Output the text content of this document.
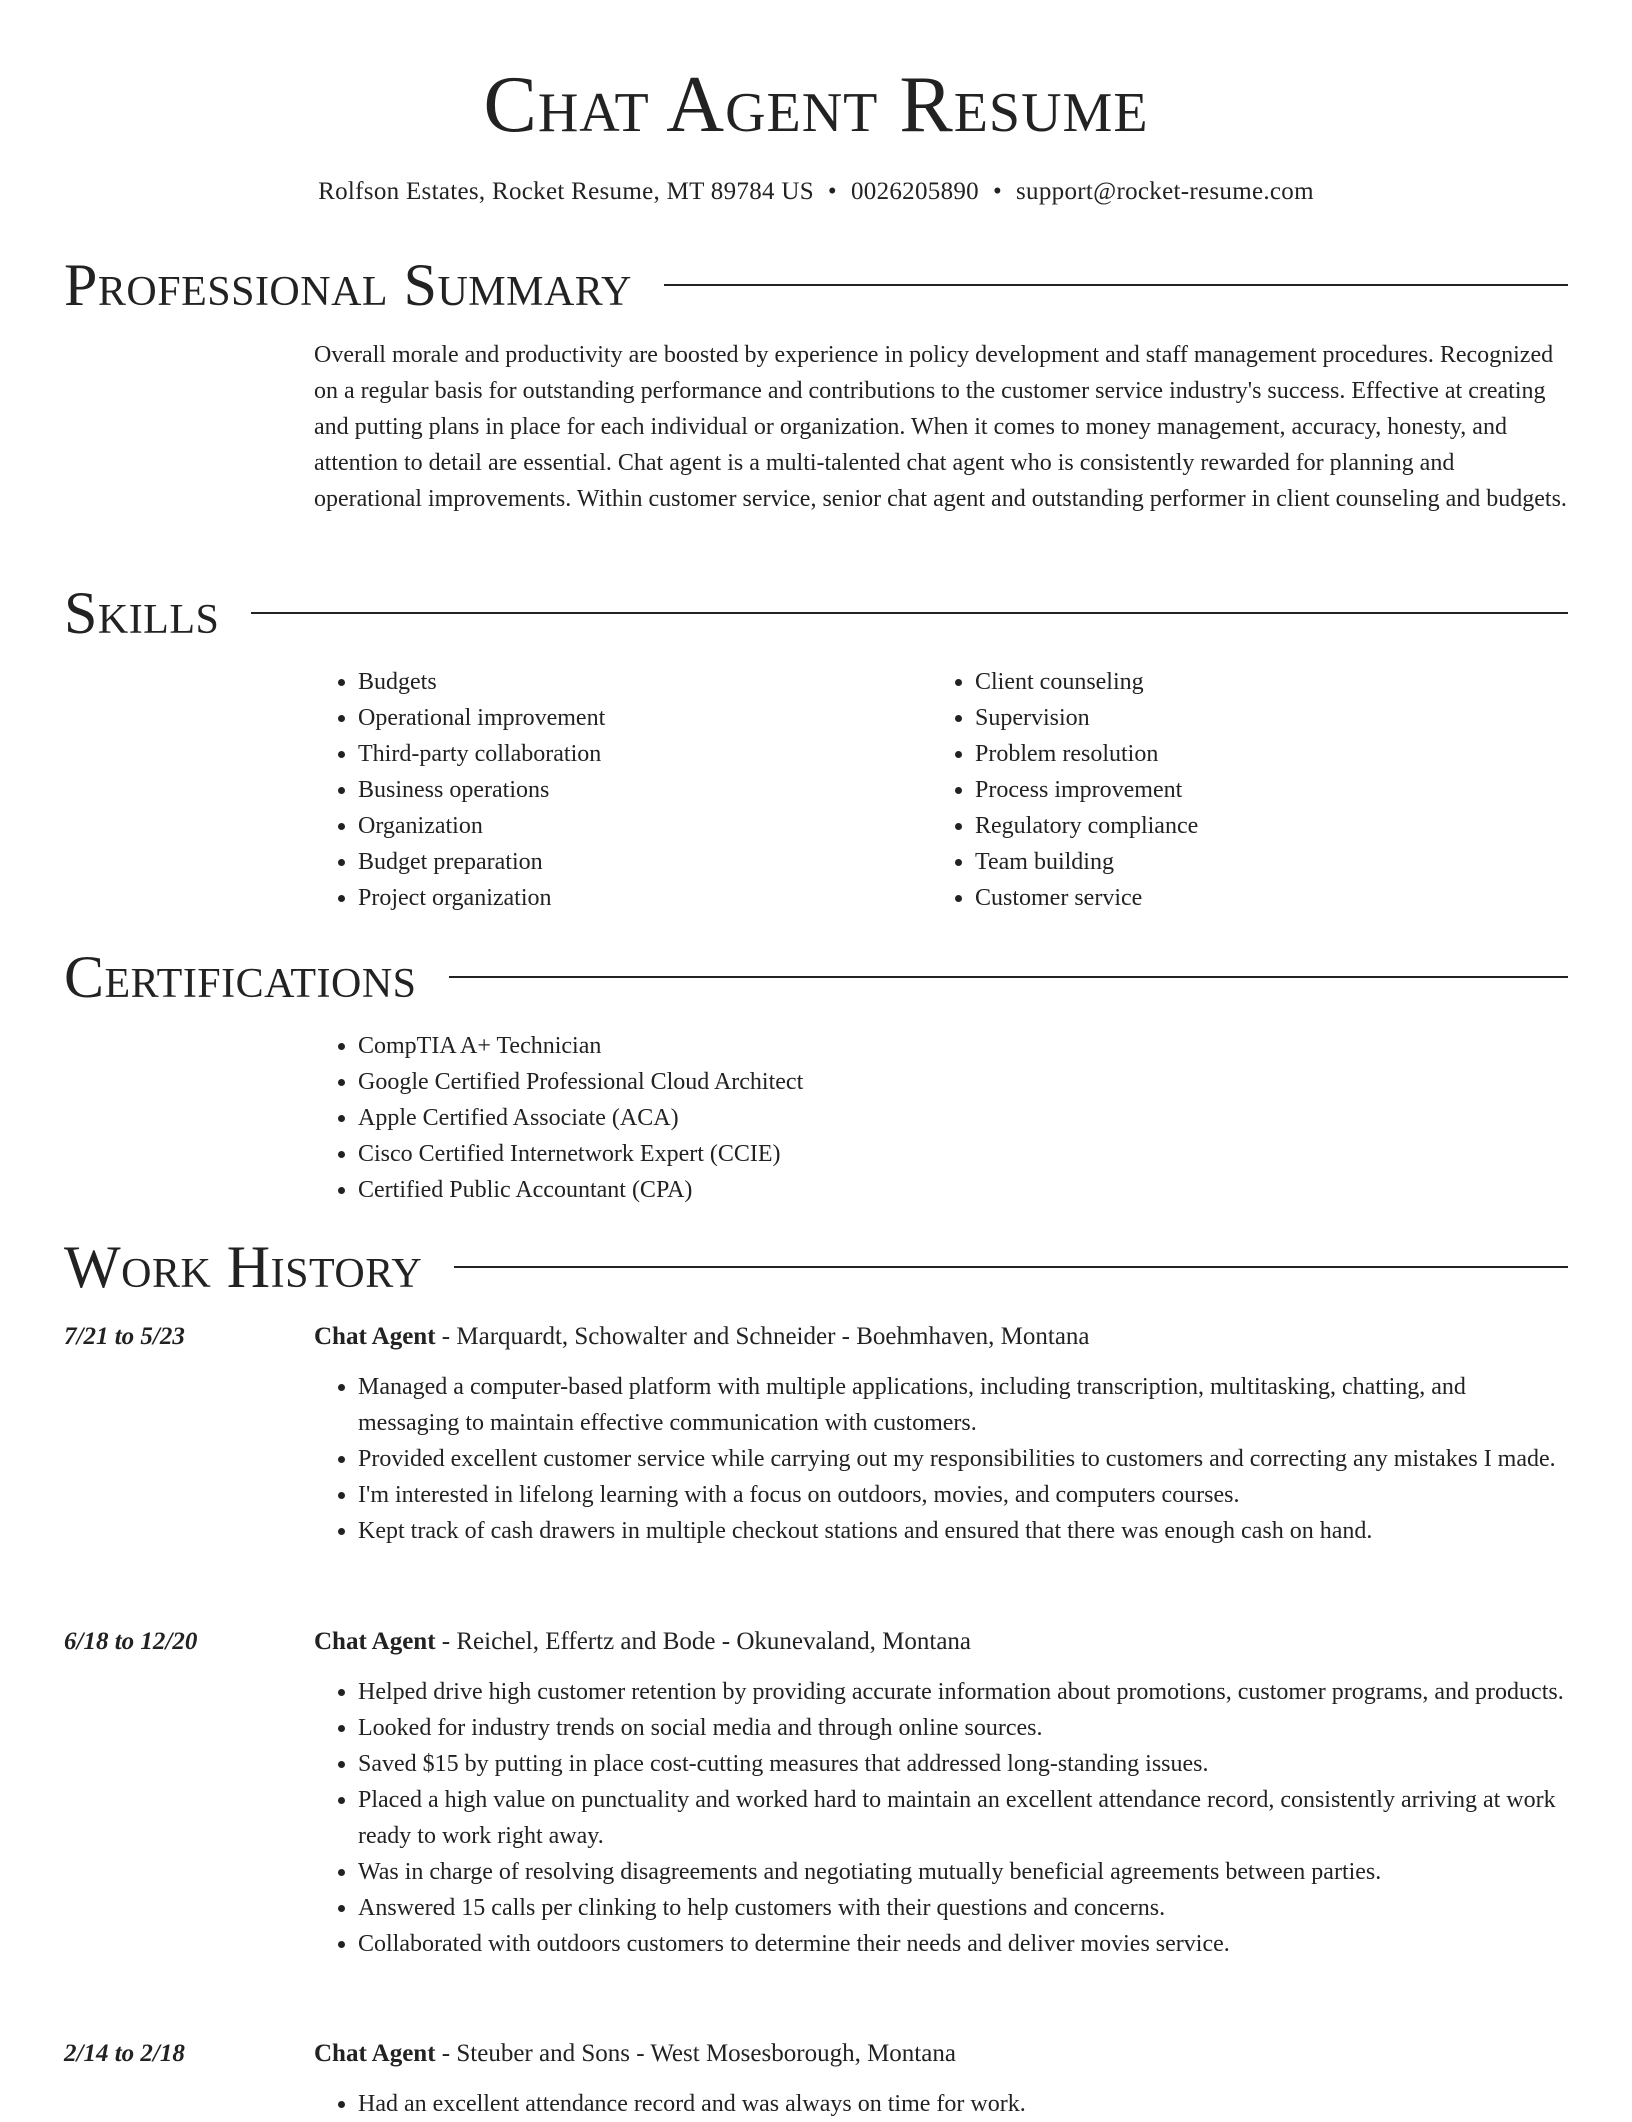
Chat Agent Resume
Rolfson Estates, Rocket Resume, MT 89784 US • 0026205890 • support@rocket-resume.com
Professional Summary

Overall morale and productivity are boosted by experience in policy development and staff management procedures. Recognized on a regular basis for outstanding performance and contributions to the customer service industry's success. Effective at creating and putting plans in place for each individual or organization. When it comes to money management, accuracy, honesty, and attention to detail are essential. Chat agent is a multi-talented chat agent who is consistently rewarded for planning and operational improvements. Within customer service, senior chat agent and outstanding performer in client counseling and budgets.

Skills
• Budgets
• Operational improvement
• Third-party collaboration
• Business operations
• Organization
• Budget preparation
• Project organization
• Client counseling
• Supervision
• Problem resolution
• Process improvement
• Regulatory compliance
• Team building
• Customer service
Certifications
• CompTIA A+ Technician
• Google Certified Professional Cloud Architect
• Apple Certified Associate (ACA)
• Cisco Certified Internetwork Expert (CCIE)
• Certified Public Accountant (CPA)
Work History
7/21 to 5/23	Chat Agent - Marquardt, Schowalter and Schneider - Boehmhaven, Montana
• Managed a computer-based platform with multiple applications, including transcription, multitasking, chatting, and messaging to maintain effective communication with customers.
• Provided excellent customer service while carrying out my responsibilities to customers and correcting any mistakes I made.
• I'm interested in lifelong learning with a focus on outdoors, movies, and computers courses.
• Kept track of cash drawers in multiple checkout stations and ensured that there was enough cash on hand.
6/18 to 12/20	Chat Agent - Reichel, Effertz and Bode - Okunevaland, Montana
• Helped drive high customer retention by providing accurate information about promotions, customer programs, and products.
• Looked for industry trends on social media and through online sources.
• Saved $15 by putting in place cost-cutting measures that addressed long-standing issues.
• Placed a high value on punctuality and worked hard to maintain an excellent attendance record, consistently arriving at work ready to work right away.
• Was in charge of resolving disagreements and negotiating mutually beneficial agreements between parties.
• Answered 15 calls per clinking to help customers with their questions and concerns.
• Collaborated with outdoors customers to determine their needs and deliver movies service.
2/14 to 2/18	Chat Agent - Steuber and Sons - West Mosesborough, Montana
• Had an excellent attendance record and was always on time for work.
